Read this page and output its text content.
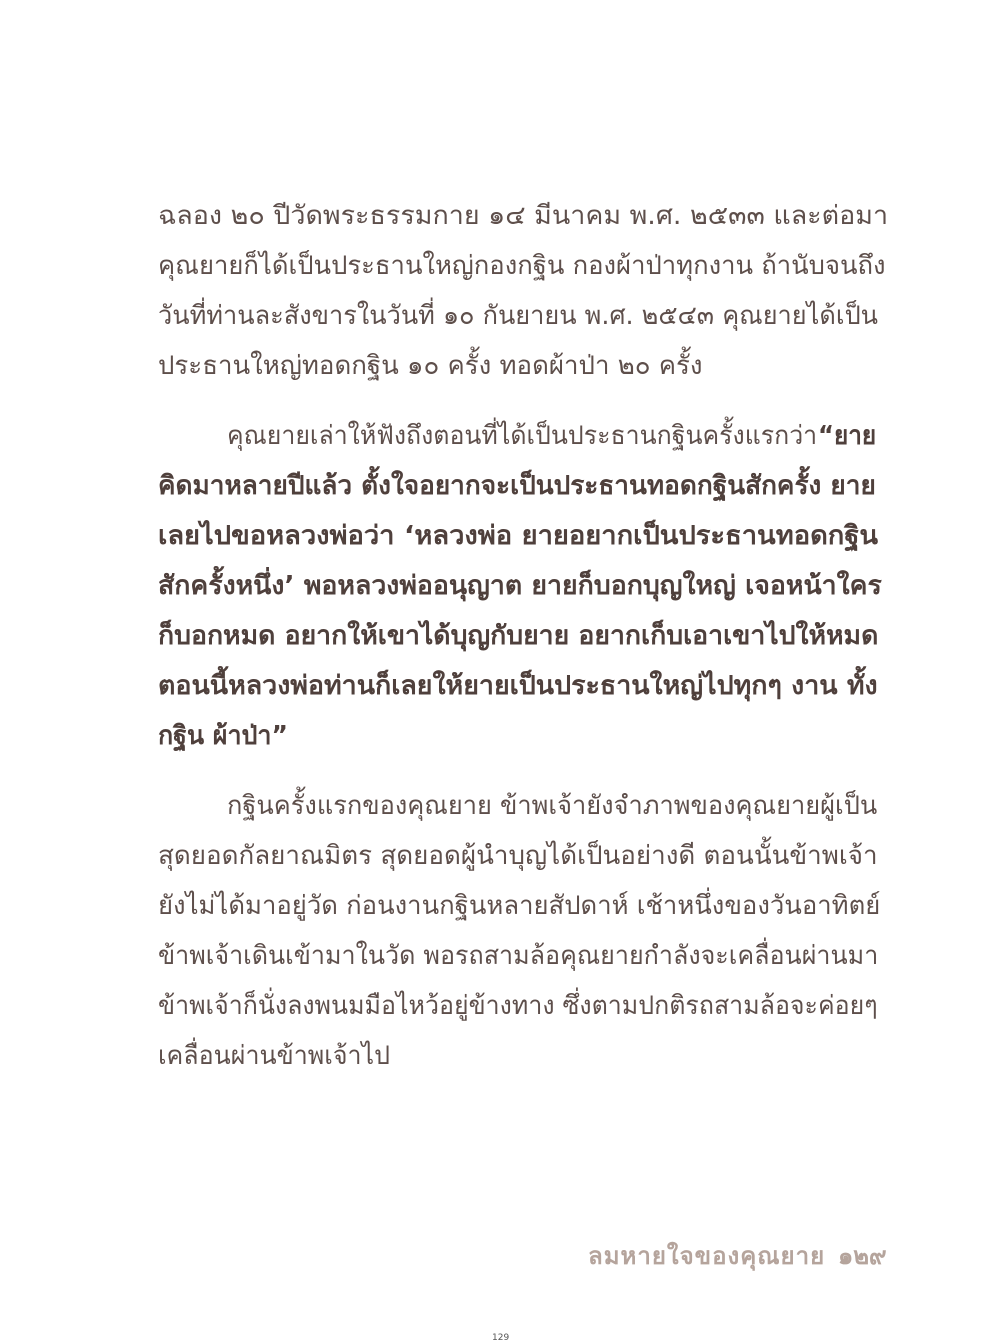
ฉลอง ๒๐ ปีวัดพระธรรมกาย ๑๔ มีนาคม พ.ศ. ๒๕๓๓ และต่อมา
คุณยายก็ได้เป็นประธานใหญ่กองกฐิน กองผ้าป่าทุกงาน ถ้านับจนถึง
วันที่ท่านละสังขารในวันที่ ๑๐ กันยายน พ.ศ. ๒๕๔๓ คุณยายได้เป็น
ประธานใหญ่ทอดกฐิน ๑๐ ครั้ง ทอดผ้าป่า ๒๐ ครั้ง
คุณยายเล่าให้ฟังถึงตอนที่ได้เป็นประธานกฐินครั้งแรกว่า “ยาย
คิดมาหลายปีแล้ว ตั้งใจอยากจะเป็นประธานทอดกฐินสักครั้ง ยาย
เลยไปขอหลวงพ่อว่า ‘หลวงพ่อ ยายอยากเป็นประธานทอดกฐิน
สักครั้งหนึ่ง’ พอหลวงพ่ออนุญาต ยายก็บอกบุญใหญ่ เจอหน้าใคร
ก็บอกหมด อยากให้เขาได้บุญกับยาย อยากเก็บเอาเขาไปให้หมด
ตอนนี้หลวงพ่อท่านก็เลยให้ยายเป็นประธานใหญ่ไปทุกๆ งาน ทั้ง
กฐิน ผ้าป่า”
กฐินครั้งแรกของคุณยาย ข้าพเจ้ายังจำภาพของคุณยายผู้เป็น
สุดยอดกัลยาณมิตร สุดยอดผู้นำบุญได้เป็นอย่างดี ตอนนั้นข้าพเจ้า
ยังไม่ได้มาอยู่วัด ก่อนงานกฐินหลายสัปดาห์ เช้าหนึ่งของวันอาทิตย์
ข้าพเจ้าเดินเข้ามาในวัด พอรถสามล้อคุณยายกำลังจะเคลื่อนผ่านมา
ข้าพเจ้าก็นั่งลงพนมมือไหว้อยู่ข้างทาง ซึ่งตามปกติรถสามล้อจะค่อยๆ
เคลื่อนผ่านข้าพเจ้าไป
ลมหายใจของคุณยาย ๑๒๙
129
